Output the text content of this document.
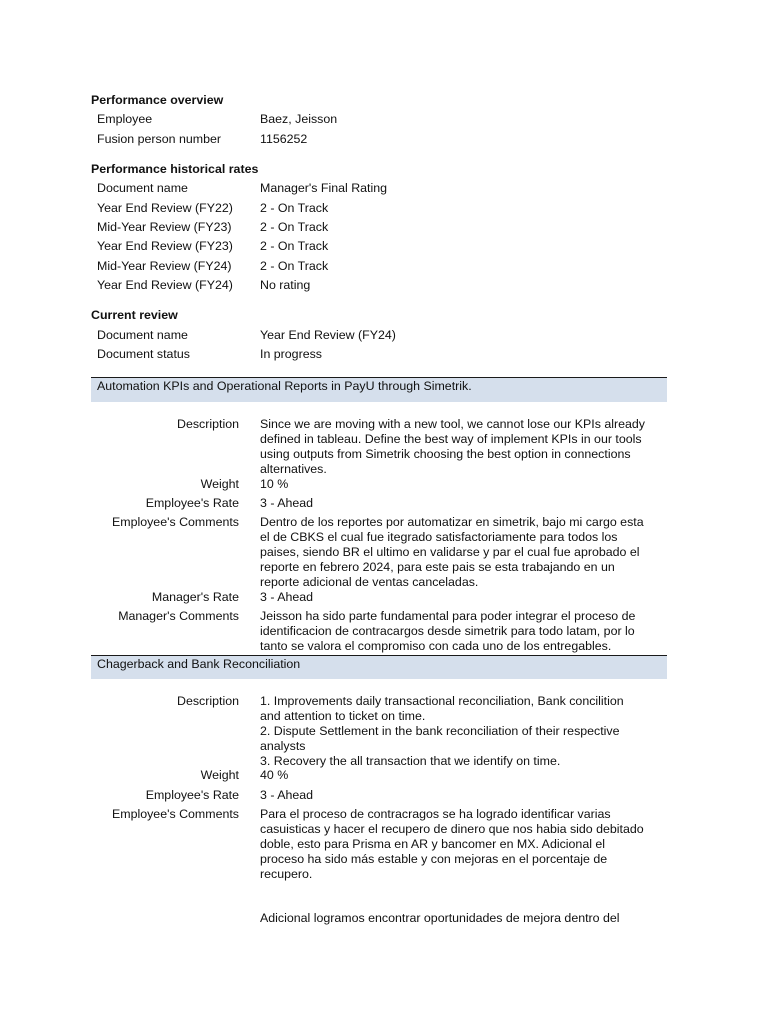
Performance overview
Employee	Baez, Jeisson
Fusion person number	1156252
Performance historical rates
Document name	Manager's Final Rating
Year End Review (FY22) 2 - On Track
Mid-Year Review (FY23) 2 - On Track
Year End Review (FY23) 2 - On Track
Mid-Year Review (FY24) 2 - On Track
Year End Review (FY24) No rating
Current review
Document name	Year End Review (FY24)
Document status	In progress
Automation KPIs and Operational Reports in PayU through Simetrik.
Description Since we are moving with a new tool, we cannot lose our KPIs already
defined in tableau. Define the best way of implement KPIs in our tools
using outputs from Simetrik choosing the best option in connections
alternatives.
Weight 10 %
Employee's Rate 3 - Ahead
Employee's Comments Dentro de los reportes por automatizar en simetrik, bajo mi cargo esta
el de CBKS el cual fue itegrado satisfactoriamente para todos los
paises, siendo BR el ultimo en validarse y par el cual fue aprobado el
reporte en febrero 2024, para este pais se esta trabajando en un
reporte adicional de ventas canceladas.
Manager's Rate 3 - Ahead
Manager's Comments Jeisson ha sido parte fundamental para poder integrar el proceso de
identificacion de contracargos desde simetrik para todo latam, por lo
tanto se valora el compromiso con cada uno de los entregables.
Chagerback and Bank Reconciliation
Description 1. Improvements daily transactional reconciliation, Bank concilition
and attention to ticket on time.
2. Dispute Settlement in the bank reconciliation of their respective
analysts
3. Recovery the all transaction that we identify on time.
Weight 40 %
Employee's Rate 3 - Ahead
Employee's Comments Para el proceso de contracragos se ha logrado identificar varias
casuisticas y hacer el recupero de dinero que nos habia sido debitado
doble, esto para Prisma en AR y bancomer en MX. Adicional el
proceso ha sido más estable y con mejoras en el porcentaje de
recupero.
Adicional logramos encontrar oportunidades de mejora dentro del
